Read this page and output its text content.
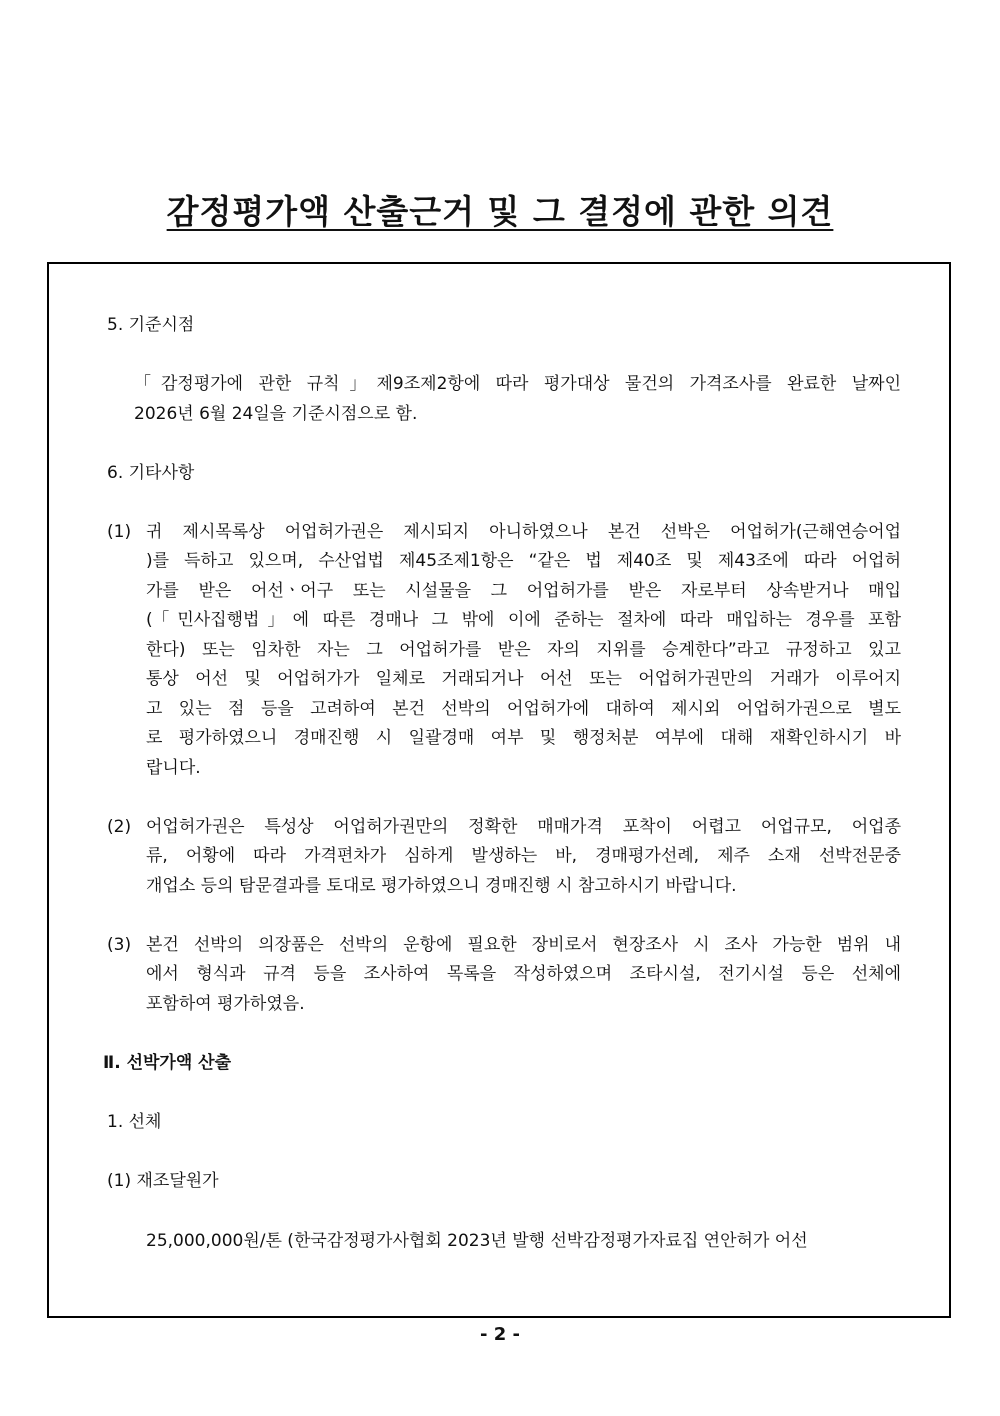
감정평가액 산출근거 및 그 결정에 관한 의견
5. 기준시점
「감정평가에 관한 규칙」제9조제2항에 따라 평가대상 물건의 가격조사를 완료한 날짜인
2026년 6월 24일을 기준시점으로 함.
6. 기타사항
(1) 귀 제시목록상 어업허가권은 제시되지 아니하였으나 본건 선박은 어업허가(근해연승어업
)를 득하고 있으며, 수산업법 제45조제1항은 “같은 법 제40조 및 제43조에 따라 어업허
가를 받은 어선ㆍ어구 또는 시설물을 그 어업허가를 받은 자로부터 상속받거나 매입
(「민사집행법」에 따른 경매나 그 밖에 이에 준하는 절차에 따라 매입하는 경우를 포함
한다) 또는 임차한 자는 그 어업허가를 받은 자의 지위를 승계한다”라고 규정하고 있고
통상 어선 및 어업허가가 일체로 거래되거나 어선 또는 어업허가권만의 거래가 이루어지
고 있는 점 등을 고려하여 본건 선박의 어업허가에 대하여 제시외 어업허가권으로 별도
로 평가하였으니 경매진행 시 일괄경매 여부 및 행정처분 여부에 대해 재확인하시기 바
랍니다.
(2) 어업허가권은 특성상 어업허가권만의 정확한 매매가격 포착이 어렵고 어업규모, 어업종
류, 어황에 따라 가격편차가 심하게 발생하는 바, 경매평가선례, 제주 소재 선박전문중
개업소 등의 탐문결과를 토대로 평가하였으니 경매진행 시 참고하시기 바랍니다.
(3) 본건 선박의 의장품은 선박의 운항에 필요한 장비로서 현장조사 시 조사 가능한 범위 내
에서 형식과 규격 등을 조사하여 목록을 작성하였으며 조타시설, 전기시설 등은 선체에
포함하여 평가하였음.
Ⅱ. 선박가액 산출
1. 선체
(1) 재조달원가
25,000,000원/톤 (한국감정평가사협회 2023년 발행 선박감정평가자료집 연안허가 어선
- 2 -
